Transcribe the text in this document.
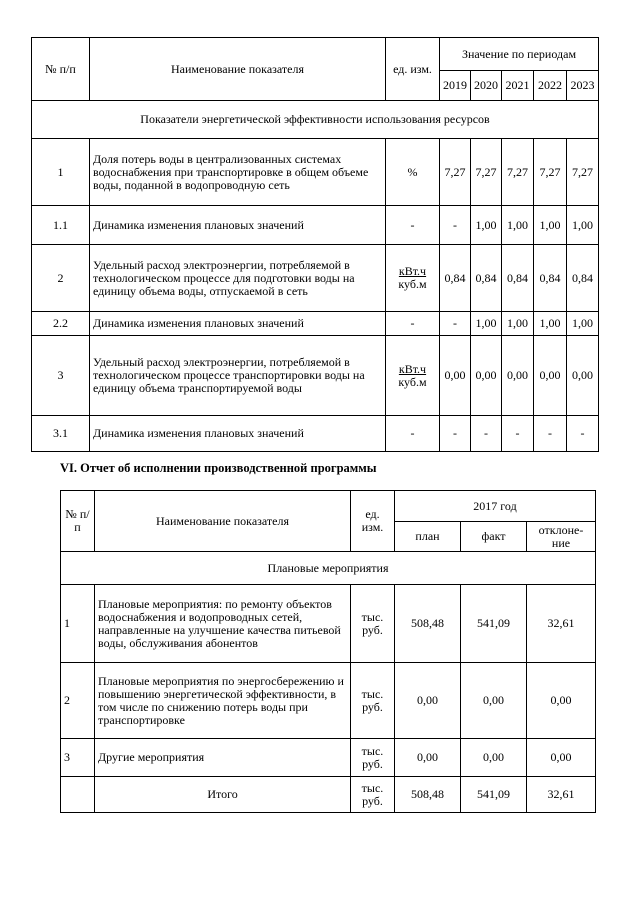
№ п/п	Наименование показателя	ед. изм.	Значение по периодам				
			2019	2020	2021	2022	2023
Показатели энергетической эффективности использования ресурсов							
1	Доля потерь воды в централизованных системах водоснабжения при транспортировке в общем объеме воды, поданной в водопроводную сеть	%	7,27	7,27	7,27	7,27	7,27
1.1	Динамика изменения плановых значений	-	-	1,00	1,00	1,00	1,00
2	Удельный расход электроэнергии, потребляемой в технологическом процессе для подготовки воды на единицу объема воды, отпускаемой в сеть	$\frac{\text{кВт.ч}}{\text{куб.м}}$	0,84	0,84	0,84	0,84	0,84
2.2	Динамика изменения плановых значений	-	-	1,00	1,00	1,00	1,00
3	Удельный расход электроэнергии, потребляемой в технологическом процессе транспортировки воды на единицу объема транспортируемой воды	$\frac{\text{кВт.ч}}{\text{куб.м}}$	0,00	0,00	0,00	0,00	0,00
3.1	Динамика изменения плановых значений	-	-	-	-	-	-
VI. Отчет об исполнении производственной программы
№ п/п	Наименование показателя	ед. изм.	2017 год		
			план	факт	отклоне-ние
Плановые мероприятия					
1	Плановые мероприятия: по ремонту объектов водоснабжения и водопроводных сетей, направленные на улучшение качества питьевой воды, обслуживания абонентов	тыс. руб.	508,48	541,09	32,61
2	Плановые мероприятия по энергосбережению и повышению энергетической эффективности, в том числе по снижению потерь воды при транспортировке	тыс. руб.	0,00	0,00	0,00
3	Другие мероприятия	тыс. руб.	0,00	0,00	0,00
	Итого	тыс. руб.	508,48	541,09	32,61
